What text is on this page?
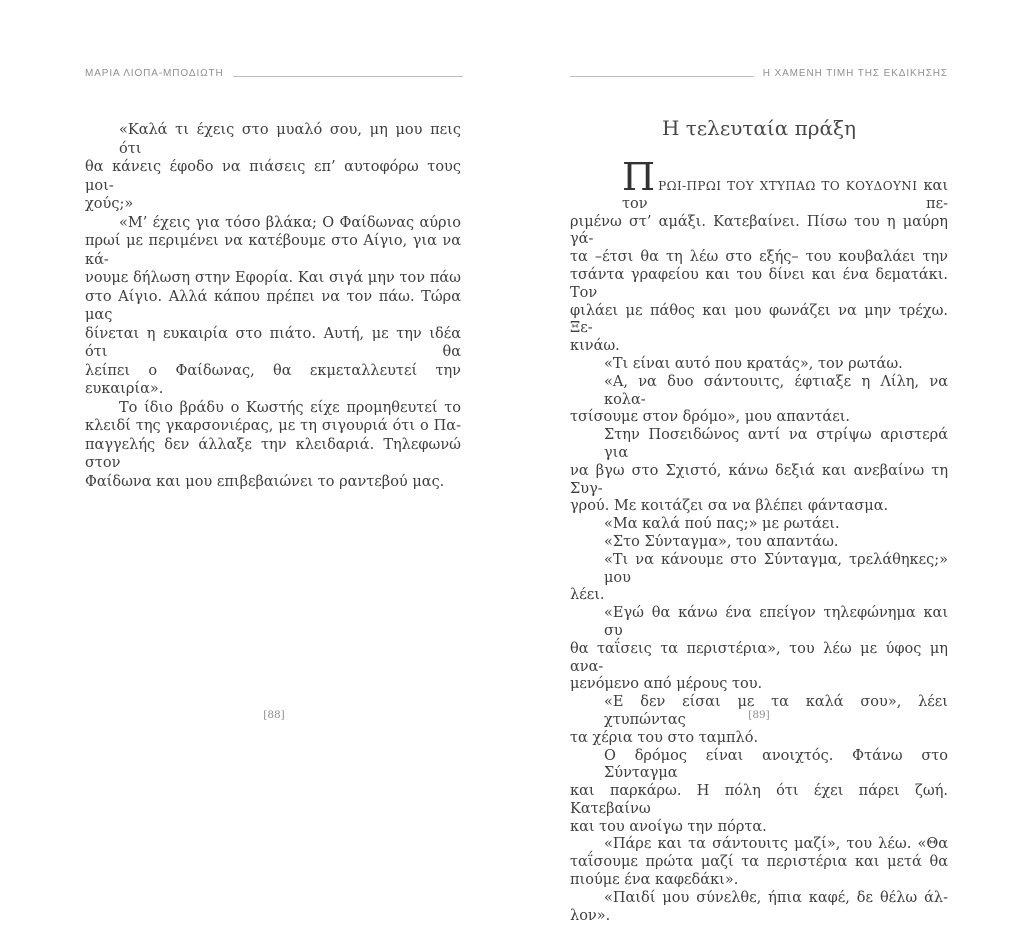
ΜΑΡΙΑ ΛΙΟΠΑ-ΜΠΟΔΙΩΤΗ	Η ΧΑΜΕΝΗ ΤΙΜΗ ΤΗΣ ΕΚΔΙΚΗΣΗΣ
«Καλά τι έχεις στο μυαλό σου, μη μου πεις ότι
θα κάνεις έφοδο να πιάσεις επ’ αυτοφόρω τους μοι-
χούς;»
«Μ’ έχεις για τόσο βλάκα; Ο Φαίδωνας αύριο
πρωί με περιμένει να κατέβουμε στο Αίγιο, για να κά-
νουμε δήλωση στην Εφορία. Και σιγά μην τον πάω
στο Αίγιο. Αλλά κάπου πρέπει να τον πάω. Τώρα μας
δίνεται η ευκαιρία στο πιάτο. Αυτή, με την ιδέα ότι θα
λείπει ο Φαίδωνας, θα εκμεταλλευτεί την ευκαιρία».
Το ίδιο βράδυ ο Κωστής είχε προμηθευτεί το
κλειδί της γκαρσονιέρας, με τη σιγουριά ότι ο Πα-
παγγελής δεν άλλαξε την κλειδαριά. Τηλεφωνώ στον
Φαίδωνα και μου επιβεβαιώνει το ραντεβού μας.
Η τελευταία πράξη
ΠΡΩΙ-ΠΡΩΙ ΤΟΥ ΧΤΥΠΑΩ ΤΟ ΚΟΥΔΟΥΝΙ και τον πε-
ριμένω στ’ αμάξι. Κατεβαίνει. Πίσω του η μαύρη γά-
τα –έτσι θα τη λέω στο εξής– του κουβαλάει την
τσάντα γραφείου και του δίνει και ένα δεματάκι. Τον
φιλάει με πάθος και μου φωνάζει να μην τρέχω. Ξε-
κινάω.
«Τι είναι αυτό που κρατάς», τον ρωτάω.
«Α, να δυο σάντουιτς, έφτιαξε η Λίλη, να κολα-
τσίσουμε στον δρόμο», μου απαντάει.
Στην Ποσειδώνος αντί να στρίψω αριστερά για
να βγω στο Σχιστό, κάνω δεξιά και ανεβαίνω τη Συγ-
γρού. Με κοιτάζει σα να βλέπει φάντασμα.
«Μα καλά πού πας;» με ρωτάει.
«Στο Σύνταγμα», του απαντάω.
«Τι να κάνουμε στο Σύνταγμα, τρελάθηκες;» μου
λέει.
«Εγώ θα κάνω ένα επείγον τηλεφώνημα και συ
θα ταΐσεις τα περιστέρια», του λέω με ύφος μη ανα-
μενόμενο από μέρους του.
«Ε δεν είσαι με τα καλά σου», λέει χτυπώντας
τα χέρια του στο ταμπλό.
Ο δρόμος είναι ανοιχτός. Φτάνω στο Σύνταγμα
και παρκάρω. Η πόλη ότι έχει πάρει ζωή. Κατεβαίνω
και του ανοίγω την πόρτα.
«Πάρε και τα σάντουιτς μαζί», του λέω. «Θα
ταΐσουμε πρώτα μαζί τα περιστέρια και μετά θα
πιούμε ένα καφεδάκι».
«Παιδί μου σύνελθε, ήπια καφέ, δε θέλω άλ-
λον».
[88]	[89]
